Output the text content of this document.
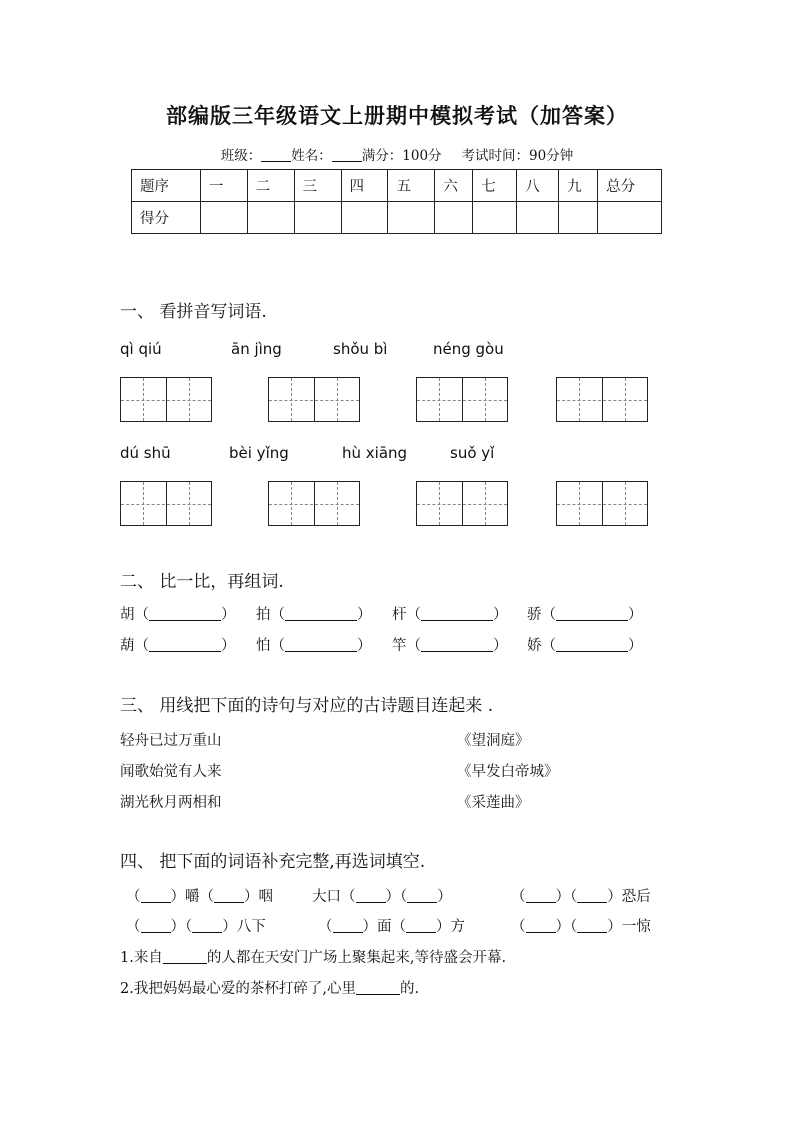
部编版三年级语文上册期中模拟考试（加答案）
班级： 姓名： 满分：100分 考试时间：90分钟
题序	一	二	三	四	五	六	七	八	九	总分
得分										
一、 看拼音写词语.
qì qiú	ān jìng	shǒu bì	néng gòu
dú shū	bèi yǐng	hù xiāng	suǒ yǐ
二、 比一比，再组词.
胡（	） 拍（	） 杆（	） 骄（	）
葫（	） 怕（	） 竿（	） 娇（	）
三、 用线把下面的诗句与对应的古诗题目连起来 .
轻舟已过万重山
闻歌始觉有人来
湖光秋月两相和
《望洞庭》
《早发白帝城》
《采莲曲》
四、 把下面的词语补充完整,再选词填空.
（ ）嚼（ ）咽	大口（ ）（ ）	（ ）（ ）恐后
（ ）（ ）八下	（ ）面（ ）方	（ ）（ ）一惊
1.来自	的人都在天安门广场上聚集起来,等待盛会开幕.
2.我把妈妈最心爱的茶杯打碎了,心里	的.
